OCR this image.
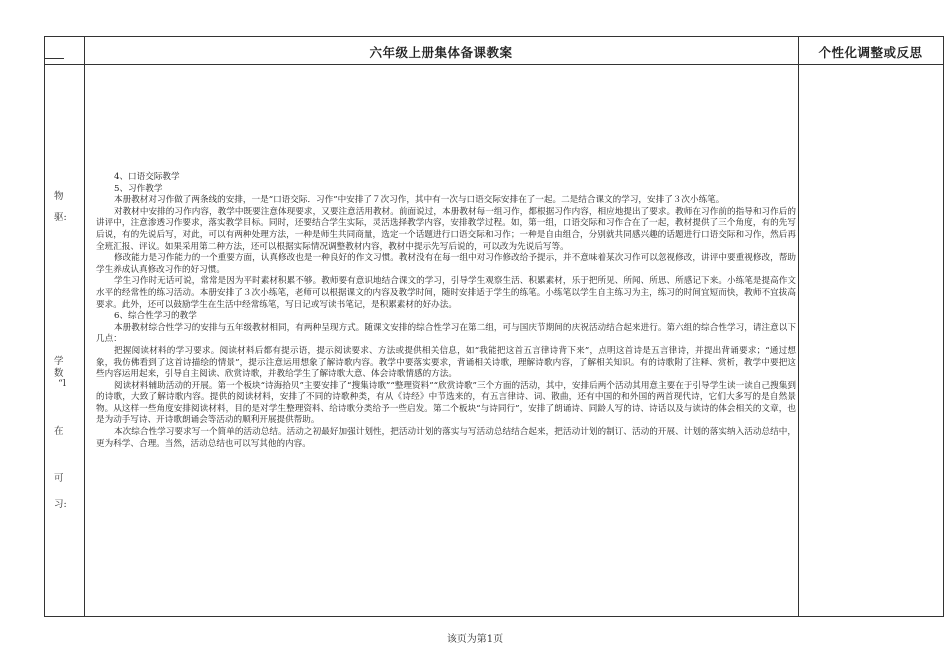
六年级上册集体备课教案	个性化调整或反思
物
驱:
学
数
“l
在
可
习:

4、口语交际教学

5、习作教学

本册教材对习作做了两条线的安排，一是“口语交际．习作”中安排了７次习作，其中有一次与口语交际安排在了一起。二是结合课文的学习，安排了３次小练笔。

对教材中安排的习作内容，教学中既要注意体现要求，又要注意活用教材。前面说过，本册教材每一组习作，都根据习作内容，相应地提出了要求。教师在习作前的指导和习作后的讲评中，注意渗透习作要求，落实教学目标。同时，还要结合学生实际，灵活选择教学内容，安排教学过程。如，第一组，口语交际和习作合在了一起，教材提供了三个角度，有的先写后说，有的先说后写，对此，可以有两种处理方法，一种是师生共同商量，选定一个话题进行口语交际和习作；一种是自由组合，分别就共同感兴趣的话题进行口语交际和习作，然后再全班汇报、评议。如果采用第二种方法，还可以根据实际情况调整教材内容，教材中提示先写后说的，可以改为先说后写等。

修改能力是习作能力的一个重要方面，认真修改也是一种良好的作文习惯。教材没有在每一组中对习作修改给予提示，并不意味着某次习作可以忽视修改，讲评中要重视修改，帮助学生养成认真修改习作的好习惯。

学生习作时无话可说，常常是因为平时素材积累不够。教师要有意识地结合课文的学习，引导学生观察生活、积累素材，乐于把所见、所闻、所思、所感记下来。小练笔是提高作文水平的经常性的练习活动。本册安排了３次小练笔，老师可以根据课文的内容及教学时间，随时安排适于学生的练笔。小练笔以学生自主练习为主，练习的时间宜短而快，教师不宜拔高要求。此外，还可以鼓励学生在生活中经常练笔，写日记或写读书笔记，是积累素材的好办法。

6、综合性学习的教学

本册教材综合性学习的安排与五年级教材相同，有两种呈现方式。随课文安排的综合性学习在第二组，可与国庆节期间的庆祝活动结合起来进行。第六组的综合性学习，请注意以下几点：

把握阅读材料的学习要求。阅读材料后都有提示语，提示阅读要求、方法或提供相关信息，如“我能把这首五言律诗背下来”，点明这首诗是五言律诗，并提出背诵要求；“通过想象，我仿佛看到了这首诗描绘的情景”，提示注意运用想象了解诗歌内容。教学中要落实要求，背诵相关诗歌，理解诗歌内容，了解相关知识。有的诗歌附了注释、赏析，教学中要把这些内容运用起来，引导自主阅读、欣赏诗歌，并教给学生了解诗歌大意、体会诗歌情感的方法。

阅读材料辅助活动的开展。第一个板块“诗海拾贝”主要安排了“搜集诗歌”“整理资料”“欣赏诗歌”三个方面的活动，其中，安排后两个活动其用意主要在于引导学生读一读自己搜集到的诗歌，大致了解诗歌内容。提供的阅读材料，安排了不同的诗歌种类，有从《诗经》中节选来的，有五言律诗、词、散曲，还有中国的和外国的两首现代诗，它们大多写的是自然景物。从这样一些角度安排阅读材料，目的是对学生整理资料、给诗歌分类给予一些启发。第二个板块“与诗同行”，安排了朗诵诗、同龄人写的诗、诗话以及与读诗的体会相关的文章，也是为动手写诗、开诗歌朗诵会等活动的顺利开展提供帮助。

本次综合性学习要求写一个简单的活动总结。活动之初最好加强计划性，把活动计划的落实与写活动总结结合起来，把活动计划的制订、活动的开展、计划的落实纳入活动总结中，更为科学、合理。当然，活动总结也可以写其他的内容。

该页为第1页
